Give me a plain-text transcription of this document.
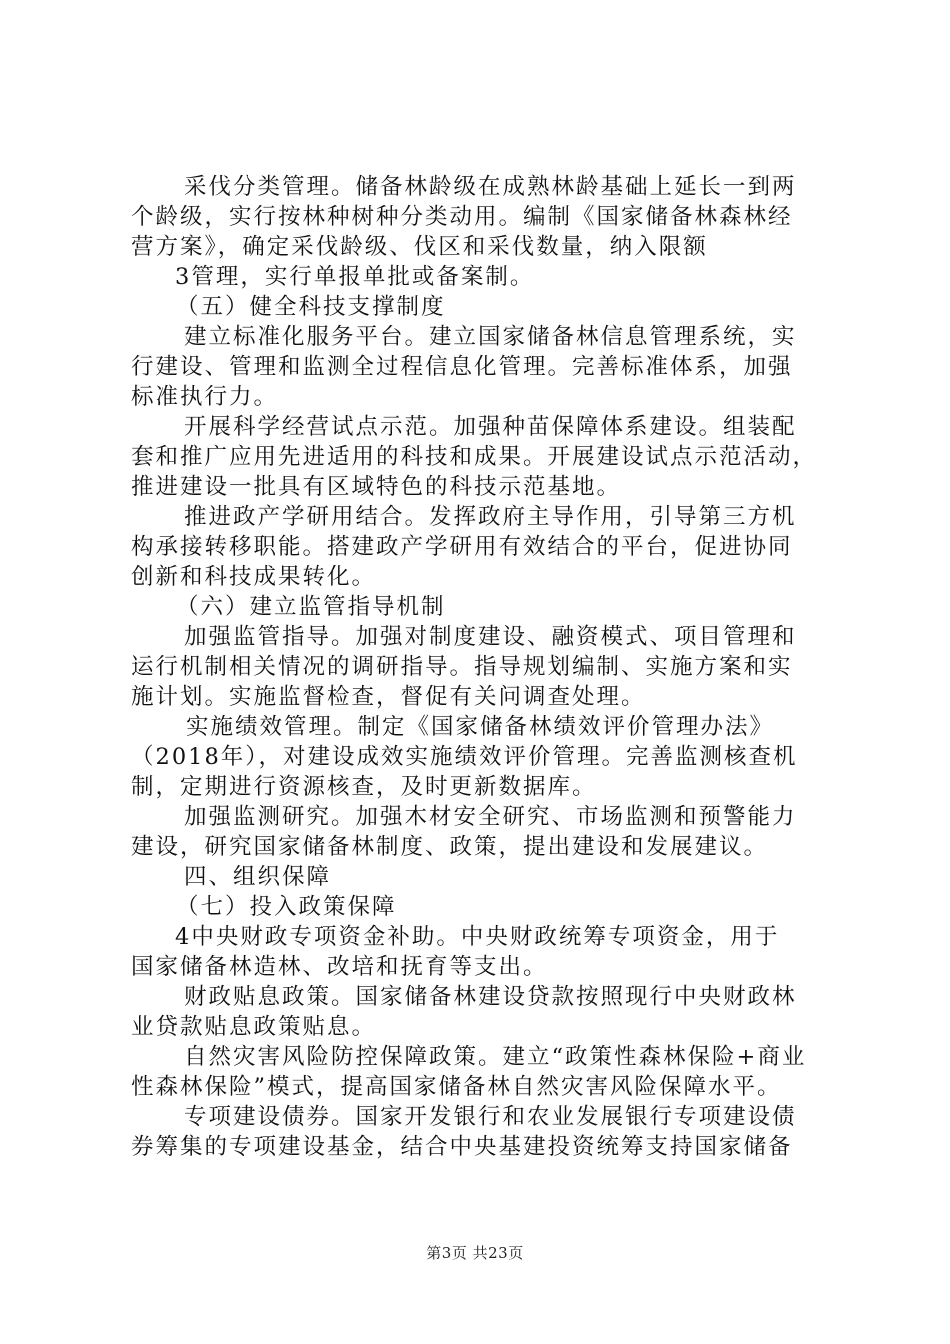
采伐分类管理。储备林龄级在成熟林龄基础上延长一到两
个龄级，实行按林种树种分类动用。编制《国家储备林森林经
营方案》，确定采伐龄级、伐区和采伐数量，纳入限额
3管理，实行单报单批或备案制。
（五）健全科技支撑制度
建立标准化服务平台。建立国家储备林信息管理系统，实
行建设、管理和监测全过程信息化管理。完善标准体系，加强
标准执行力。
开展科学经营试点示范。加强种苗保障体系建设。组装配
套和推广应用先进适用的科技和成果。开展建设试点示范活动，
推进建设一批具有区域特色的科技示范基地。
推进政产学研用结合。发挥政府主导作用，引导第三方机
构承接转移职能。搭建政产学研用有效结合的平台，促进协同
创新和科技成果转化。
（六）建立监管指导机制
加强监管指导。加强对制度建设、融资模式、项目管理和
运行机制相关情况的调研指导。指导规划编制、实施方案和实
施计划。实施监督检查，督促有关问调查处理。
实施绩效管理。制定《国家储备林绩效评价管理办法》
（2018年），对建设成效实施绩效评价管理。完善监测核查机
制，定期进行资源核查，及时更新数据库。
加强监测研究。加强木材安全研究、市场监测和预警能力
建设，研究国家储备林制度、政策，提出建设和发展建议。
四、组织保障
（七）投入政策保障
4中央财政专项资金补助。中央财政统筹专项资金，用于
国家储备林造林、改培和抚育等支出。
财政贴息政策。国家储备林建设贷款按照现行中央财政林
业贷款贴息政策贴息。
自然灾害风险防控保障政策。建立“政策性森林保险+商业
性森林保险”模式，提高国家储备林自然灾害风险保障水平。
专项建设债券。国家开发银行和农业发展银行专项建设债
券筹集的专项建设基金，结合中央基建投资统筹支持国家储备
第3页 共23页
